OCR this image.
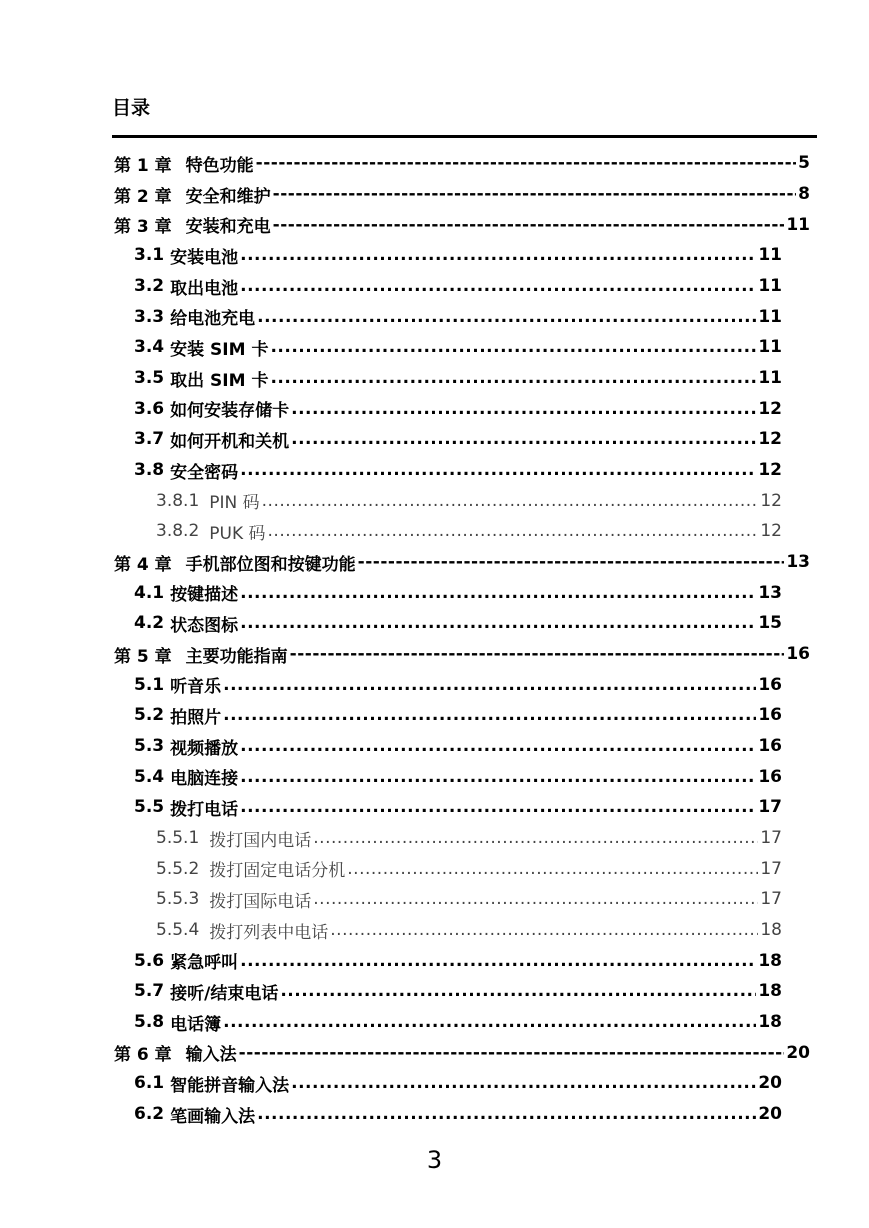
目录
第 1 章 特色功能 -----	5
第 2 章 安全和维护 -----	8
第 3 章 安装和充电 -----	11
3.1 安装电池 .....	11
3.2 取出电池 .....	11
3.3 给电池充电 .....	11
3.4 安装 SIM 卡 .....	11
3.5 取出 SIM 卡 .....	11
3.6 如何安装存储卡 .....	12
3.7 如何开机和关机 .....	12
3.8 安全密码 .....	12
3.8.1 PIN 码 .....	12
3.8.2 PUK 码 .....	12
第 4 章 手机部位图和按键功能 -----	13
4.1 按键描述 .....	13
4.2 状态图标 .....	15
第 5 章 主要功能指南 -----	16
5.1 听音乐 .....	16
5.2 拍照片 .....	16
5.3 视频播放 .....	16
5.4 电脑连接 .....	16
5.5 拨打电话 .....	17
5.5.1 拨打国内电话 .....	17
5.5.2 拨打固定电话分机 .....	17
5.5.3 拨打国际电话 .....	17
5.5.4 拨打列表中电话 .....	18
5.6 紧急呼叫 .....	18
5.7 接听/结束电话 .....	18
5.8 电话簿 .....	18
第 6 章 输入法 -----	20
6.1 智能拼音输入法 .....	20
6.2 笔画输入法 .....	20
3
